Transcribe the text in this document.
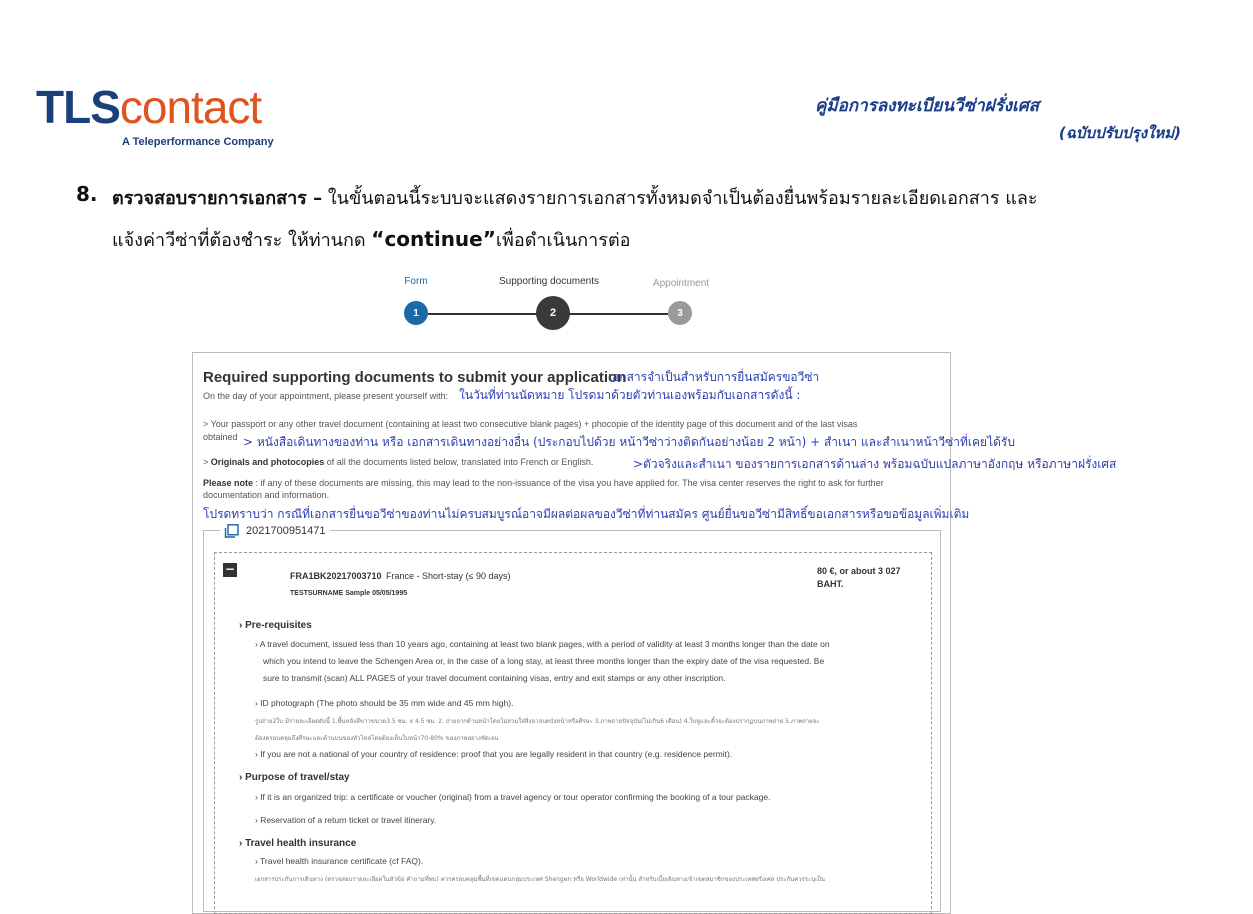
TLScontact
A Teleperformance Company
คู่มือการลงทะเบียนวีซ่าฝรั่งเศส
(ฉบับปรับปรุงใหม่)
8. ตรวจสอบรายการเอกสาร – ในขั้นตอนนี้ระบบจะแสดงรายการเอกสารทั้งหมดจำเป็นต้องยื่นพร้อมรายละเอียดเอกสาร และ
แจ้งค่าวีซ่าที่ต้องชำระ ให้ท่านกด “continue”เพื่อดำเนินการต่อ
Form	Supporting documents	Appointment
1	2	3
Required supporting documents to submit your application
เอกสารจำเป็นสำหรับการยื่นสมัครขอวีซ่า
On the day of your appointment, please present yourself with: ในวันที่ท่านนัดหมาย โปรดมาด้วยตัวท่านเองพร้อมกับเอกสารดังนี้ :
> Your passport or any other travel document (containing at least two consecutive blank pages) + phocopie of the identity page of this document and of the last visas
obtained > หนังสือเดินทางของท่าน หรือ เอกสารเดินทางอย่างอื่น (ประกอบไปด้วย หน้าวีซ่าว่างติดกันอย่างน้อย 2 หน้า) + สำเนา และสำเนาหน้าวีซ่าที่เคยได้รับ
> Originals and photocopies of all the documents listed below, translated into French or English.	>ตัวจริงและสำเนา ของรายการเอกสารด้านล่าง พร้อมฉบับแปลภาษาอังกฤษ หรือภาษาฝรั่งเศส
Please note : if any of these documents are missing, this may lead to the non-issuance of the visa you have applied for. The visa center reserves the right to ask for further
documentation and information.
โปรดทราบว่า กรณีที่เอกสารยื่นขอวีซ่าของท่านไม่ครบสมบูรณ์อาจมีผลต่อผลของวีซ่าที่ท่านสมัคร ศูนย์ยื่นขอวีซ่ามีสิทธิ์ขอเอกสารหรือขอข้อมูลเพิ่มเติม
2021700951471
−	FRA1BK20217003710 France - Short-stay (≤ 90 days)
TESTSURNAME Sample 05/05/1995
80 €, or about 3 027
BAHT.
› Pre-requisites
› A travel document, issued less than 10 years ago, containing at least two blank pages, with a period of validity at least 3 months longer than the date on
which you intend to leave the Schengen Area or, in the case of a long stay, at least three months longer than the expiry date of the visa requested. Be
sure to transmit (scan) ALL PAGES of your travel document containing visas, entry and exit stamps or any other inscription.
› ID photograph (The photo should be 35 mm wide and 45 mm high).
รูปถ่าย2ใบ มีรายละเอียดดังนี้ 1.พื้นหลังสีขาวขนาด3.5 ซม. x 4.5 ซม. 2. ถ่ายจากด้านหน้าโดยไม่สวมใส่สิ่งอาจบดบังหน้าหรือศีรษะ 3.ภาพถ่ายปัจจุบัน(ไม่เกิน6 เดือน) 4.ใบหูและคิ้วจะต้องปรากฏบนภาพถ่าย 5.ภาพถ่ายจะ
ต้องครอบคลุมถึงศีรษะและด้านบนของหัวไหล่โดยต้องเห็นใบหน้า70-80% ของภาพอย่างชัดเจน
› If you are not a national of your country of residence: proof that you are legally resident in that country (e.g. residence permit).
› Purpose of travel/stay
› If it is an organized trip: a certificate or voucher (original) from a travel agency or tour operator confirming the booking of a tour package.
› Reservation of a return ticket or travel itinerary.
› Travel health insurance
› Travel health insurance certificate (cf FAQ).
เอกสารประกันการเดินทาง (ตรวจสอบรายละเอียดในหัวข้อ คำถามที่พบ) ควรครอบคลุมพื้นที่เขตแดนกลุ่มประเทศ Shengen หรือ Worldwide เท่านั้น สำหรับเบี้ยเดินทางเข้าเขตสมาชิกของประเทศฝรั่งเศส ประกันควรระบุเป็น
